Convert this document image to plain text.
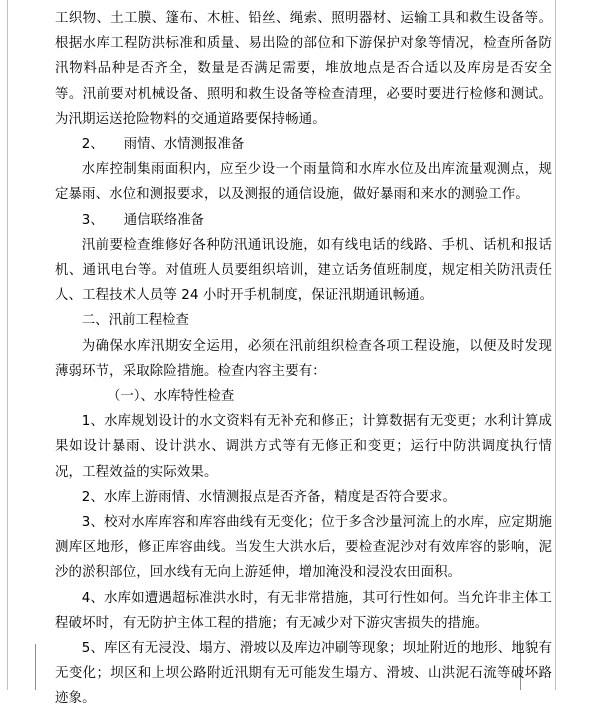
工织物、土工膜、篷布、木桩、铅丝、绳索、照明器材、运输工具和救生设备等。根据水库工程防洪标准和质量、易出险的部位和下游保护对象等情况，检查所备防汛物料品种是否齐全，数量是否满足需要，堆放地点是否合适以及库房是否安全等。汛前要对机械设备、照明和救生设备等检查清理，必要时要进行检修和测试。为汛期运送抢险物料的交通道路要保持畅通。

2、 雨情、水情测报准备

水库控制集雨面积内，应至少设一个雨量筒和水库水位及出库流量观测点，规定暴雨、水位和测报要求，以及测报的通信设施，做好暴雨和来水的测验工作。

3、 通信联络准备

汛前要检查维修好各种防汛通讯设施，如有线电话的线路、手机、话机和报话机、通讯电台等。对值班人员要组织培训，建立话务值班制度，规定相关防汛责任人、工程技术人员等 24 小时开手机制度，保证汛期通讯畅通。

二、汛前工程检查

为确保水库汛期安全运用，必须在汛前组织检查各项工程设施，以便及时发现薄弱环节，采取除险措施。检查内容主要有：

（一）、水库特性检查

1、水库规划设计的水文资料有无补充和修正；计算数据有无变更；水利计算成果如设计暴雨、设计洪水、调洪方式等有无修正和变更；运行中防洪调度执行情况，工程效益的实际效果。

2、水库上游雨情、水情测报点是否齐备，精度是否符合要求。

3、校对水库库容和库容曲线有无变化；位于多含沙量河流上的水库，应定期施测库区地形，修正库容曲线。当发生大洪水后，要检查泥沙对有效库容的影响，泥沙的淤积部位，回水线有无向上游延伸，增加淹没和浸没农田面积。

4、水库如遭遇超标准洪水时，有无非常措施，其可行性如何。当允许非主体工程破坏时，有无防护主体工程的措施；有无减少对下游灾害损失的措施。

5、库区有无浸没、塌方、滑坡以及库边冲刷等现象；坝址附近的地形、地貌有无变化；坝区和上坝公路附近汛期有无可能发生塌方、滑坡、山洪泥石流等破坏路迹象。
